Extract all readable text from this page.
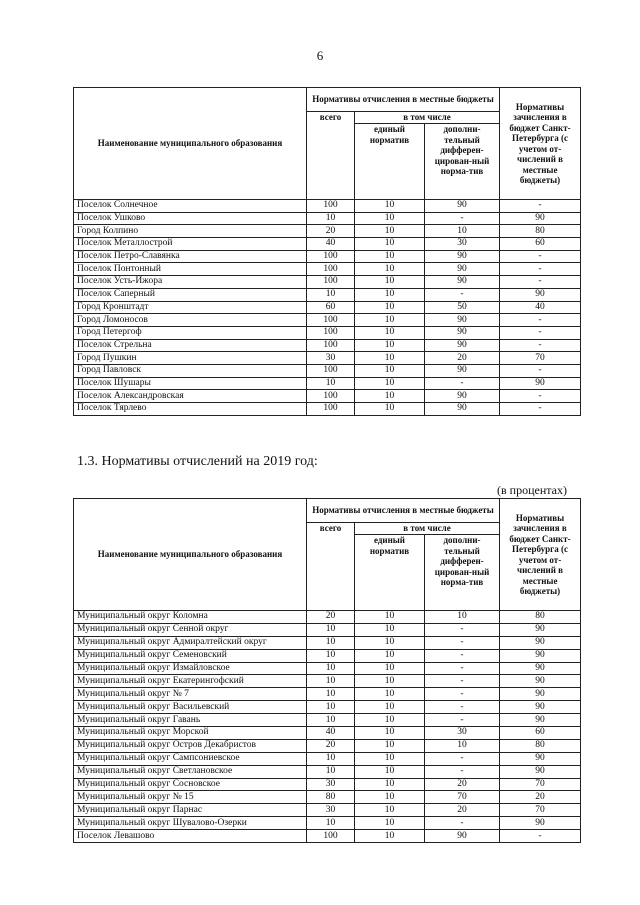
6
Наименование муниципального образования	Нормативы отчисления в местные бюджеты			Нормативы зачисления в бюджет Санкт-Петербурга (с учетом от-числений в местные бюджеты)
	всего	в том числе		
		единый норматив	дополни-тельный дифферен-цирован-ный норма-тив	
Поселок Солнечное	100	10	90	-
Поселок Ушково	10	10	-	90
Город Колпино	20	10	10	80
Поселок Металлострой	40	10	30	60
Поселок Петро-Славянка	100	10	90	-
Поселок Понтонный	100	10	90	-
Поселок Усть-Ижора	100	10	90	-
Поселок Саперный	10	10	-	90
Город Кронштадт	60	10	50	40
Город Ломоносов	100	10	90	-
Город Петергоф	100	10	90	-
Поселок Стрельна	100	10	90	-
Город Пушкин	30	10	20	70
Город Павловск	100	10	90	-
Поселок Шушары	10	10	-	90
Поселок Александровская	100	10	90	-
Поселок Тярлево	100	10	90	-
1.3. Нормативы отчислений на 2019 год:
(в процентах)
Наименование муниципального образования	Нормативы отчисления в местные бюджеты			Нормативы зачисления в бюджет Санкт-Петербурга (с учетом от-числений в местные бюджеты)
	всего	в том числе		
		единый норматив	дополни-тельный дифферен-цирован-ный норма-тив	
Муниципальный округ Коломна	20	10	10	80
Муниципальный округ Сенной округ	10	10	-	90
Муниципальный округ Адмиралтейский округ	10	10	-	90
Муниципальный округ Семеновский	10	10	-	90
Муниципальный округ Измайловское	10	10	-	90
Муниципальный округ Екатерингофский	10	10	-	90
Муниципальный округ № 7	10	10	-	90
Муниципальный округ Васильевский	10	10	-	90
Муниципальный округ Гавань	10	10	-	90
Муниципальный округ Морской	40	10	30	60
Муниципальный округ Остров Декабристов	20	10	10	80
Муниципальный округ Сампсониевское	10	10	-	90
Муниципальный округ Светлановское	10	10	-	90
Муниципальный округ Сосновское	30	10	20	70
Муниципальный округ № 15	80	10	70	20
Муниципальный округ Парнас	30	10	20	70
Муниципальный округ Шувалово-Озерки	10	10	-	90
Поселок Левашово	100	10	90	-
